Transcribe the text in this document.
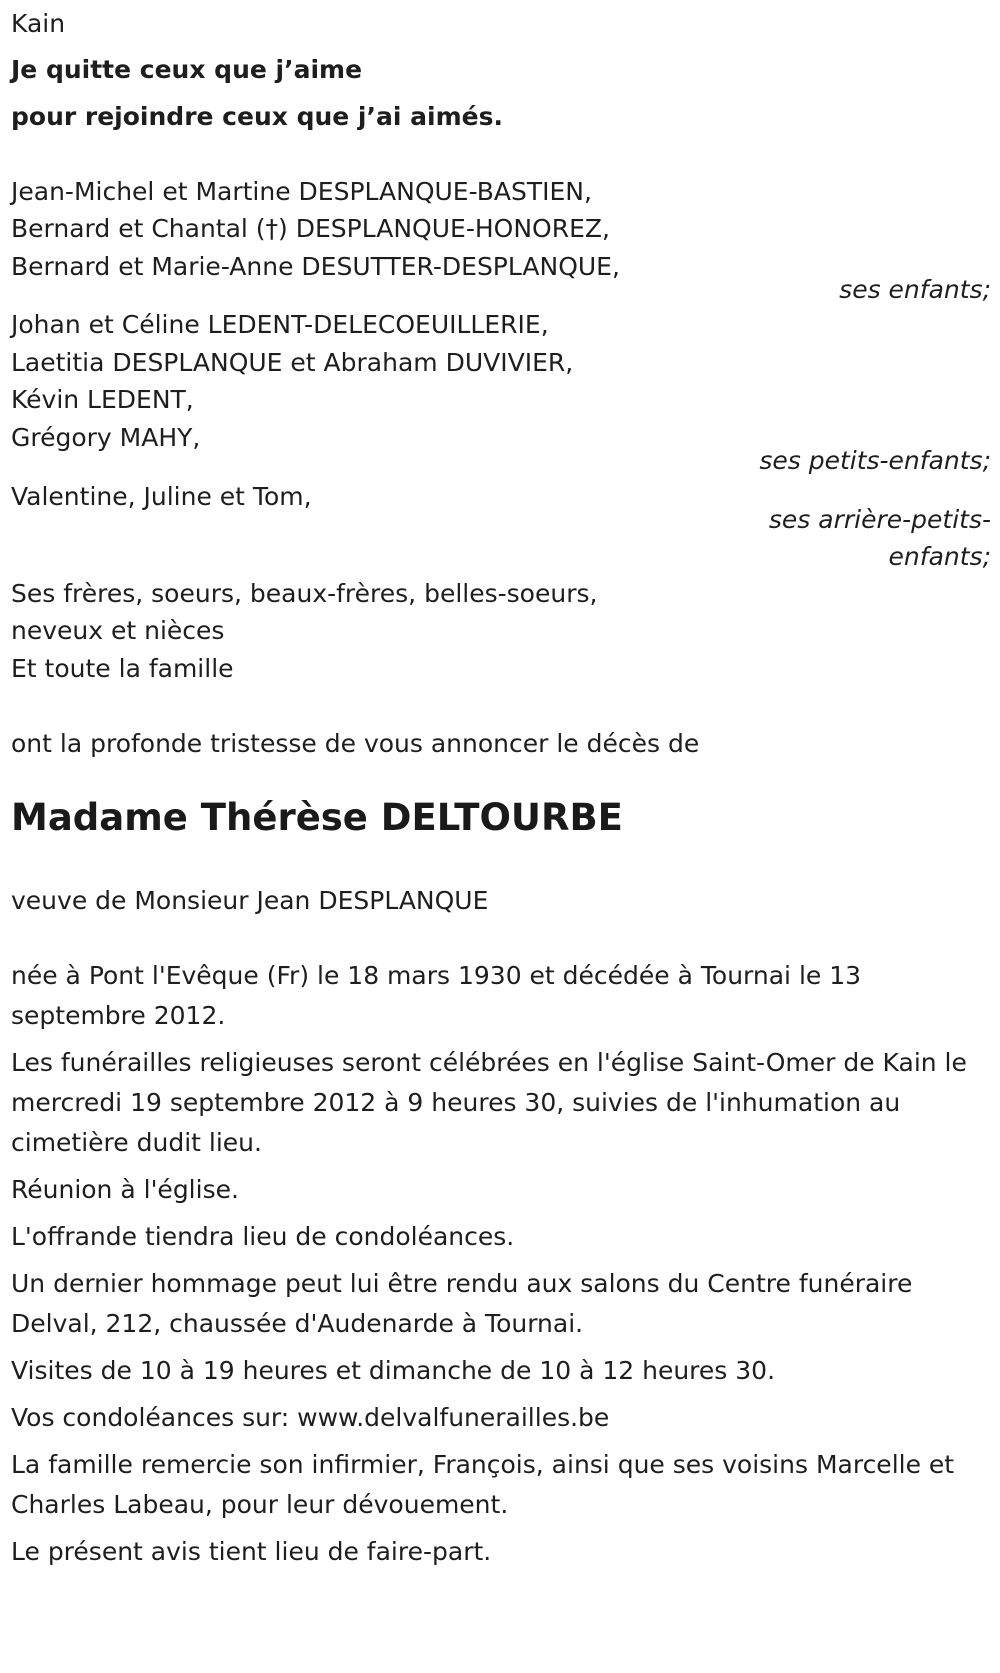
Kain
Je quitte ceux que j’aime
pour rejoindre ceux que j’ai aimés.
Jean-Michel et Martine DESPLANQUE-BASTIEN,
Bernard et Chantal (†) DESPLANQUE-HONOREZ,
Bernard et Marie-Anne DESUTTER-DESPLANQUE,
ses enfants;
Johan et Céline LEDENT-DELECOEUILLERIE,
Laetitia DESPLANQUE et Abraham DUVIVIER,
Kévin LEDENT,
Grégory MAHY,
ses petits-enfants;
Valentine, Juline et Tom,
ses arrière-petits-
enfants;
Ses frères, soeurs, beaux-frères, belles-soeurs,
neveux et nièces
Et toute la famille
ont la profonde tristesse de vous annoncer le décès de
Madame Thérèse DELTOURBE
veuve de Monsieur Jean DESPLANQUE
née à Pont l'Evêque (Fr) le 18 mars 1930 et décédée à Tournai le 13 septembre 2012.
Les funérailles religieuses seront célébrées en l'église Saint-Omer de Kain le mercredi 19 septembre 2012 à 9 heures 30, suivies de l'inhumation au cimetière dudit lieu.
Réunion à l'église.
L'offrande tiendra lieu de condoléances.
Un dernier hommage peut lui être rendu aux salons du Centre funéraire Delval, 212, chaussée d'Audenarde à Tournai.
Visites de 10 à 19 heures et dimanche de 10 à 12 heures 30.
Vos condoléances sur: www.delvalfunerailles.be
La famille remercie son infirmier, François, ainsi que ses voisins Marcelle et Charles Labeau, pour leur dévouement.
Le présent avis tient lieu de faire-part.
